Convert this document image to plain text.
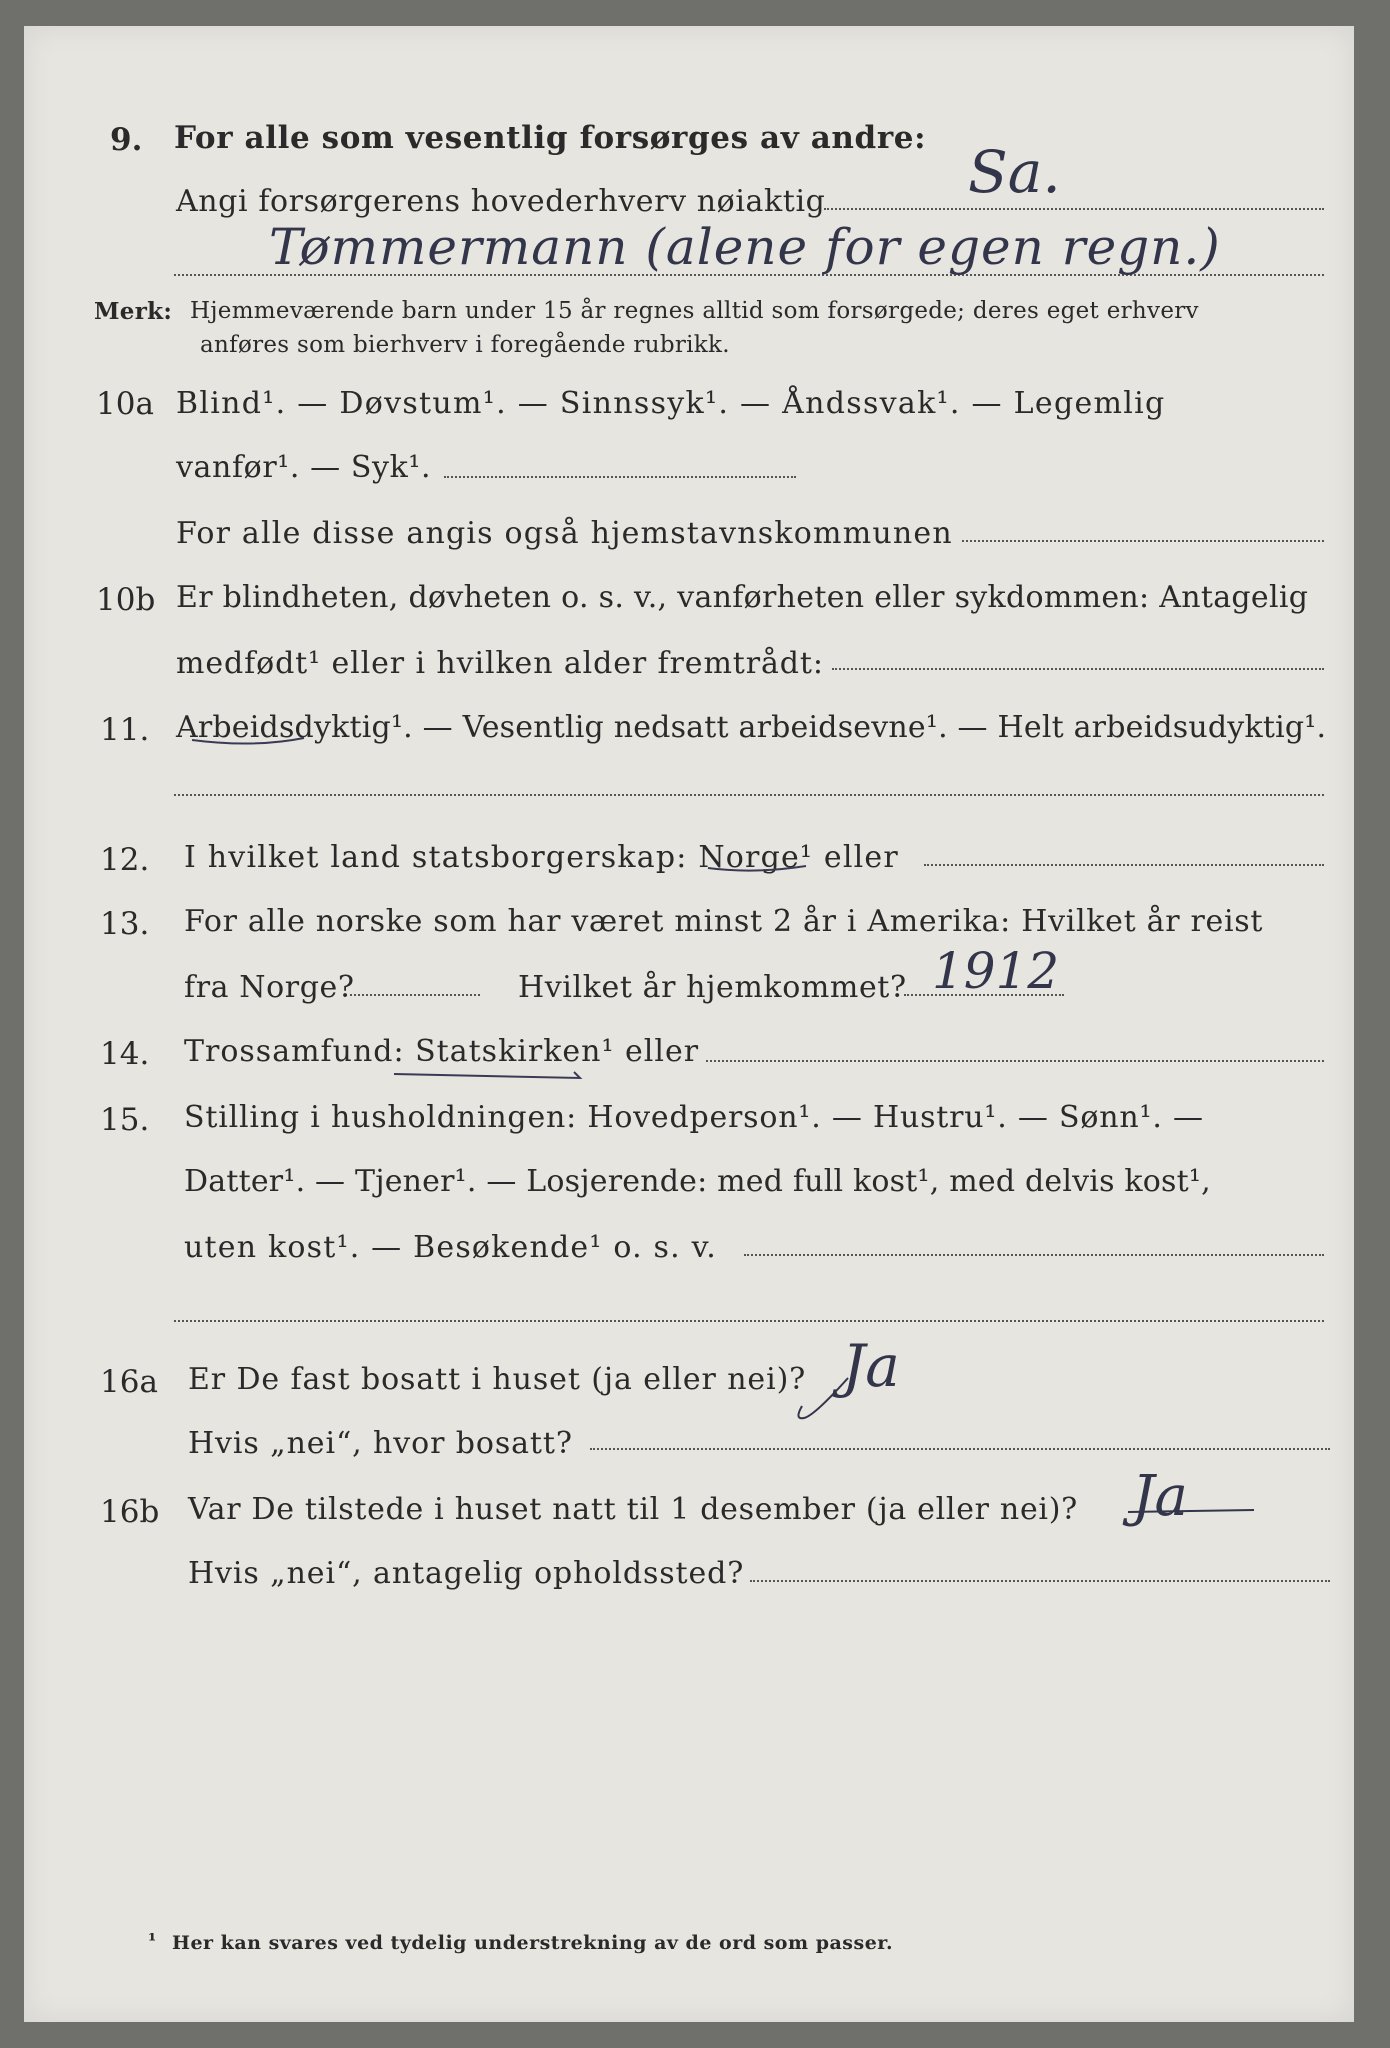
9. For alle som vesentlig forsørges av andre:
Angi forsørgerens hovederhverv nøiaktig Sa.
Tømmermann (alene for egen regn.)
Merk: Hjemmeværende barn under 15 år regnes alltid som forsørgede; deres eget erhverv
anføres som bierhverv i foregående rubrikk.
10a Blind¹. — Døvstum¹. — Sinnssyk¹. — Åndssvak¹. — Legemlig
vanfør¹. — Syk¹.
For alle disse angis også hjemstavnskommunen
10b Er blindheten, døvheten o. s. v., vanførheten eller sykdommen: Antagelig
medfødt¹ eller i hvilken alder fremtrådt:
11. Arbeidsdyktig¹. — Vesentlig nedsatt arbeidsevne¹. — Helt arbeidsudyktig¹.
12. I hvilket land statsborgerskap: Norge¹ eller
13. For alle norske som har været minst 2 år i Amerika: Hvilket år reist
fra Norge?	Hvilket år hjemkommet? 1912
14. Trossamfund: Statskirken¹ eller
15. Stilling i husholdningen: Hovedperson¹. — Hustru¹. — Sønn¹. —
Datter¹. — Tjener¹. — Losjerende: med full kost¹, med delvis kost¹,
uten kost¹. — Besøkende¹ o. s. v.
16a Er De fast bosatt i huset (ja eller nei)? Ja
Hvis „nei“, hvor bosatt?
16b Var De tilstede i huset natt til 1 desember (ja eller nei)? Ja
Hvis „nei“, antagelig opholdssted?
¹ Her kan svares ved tydelig understrekning av de ord som passer.
